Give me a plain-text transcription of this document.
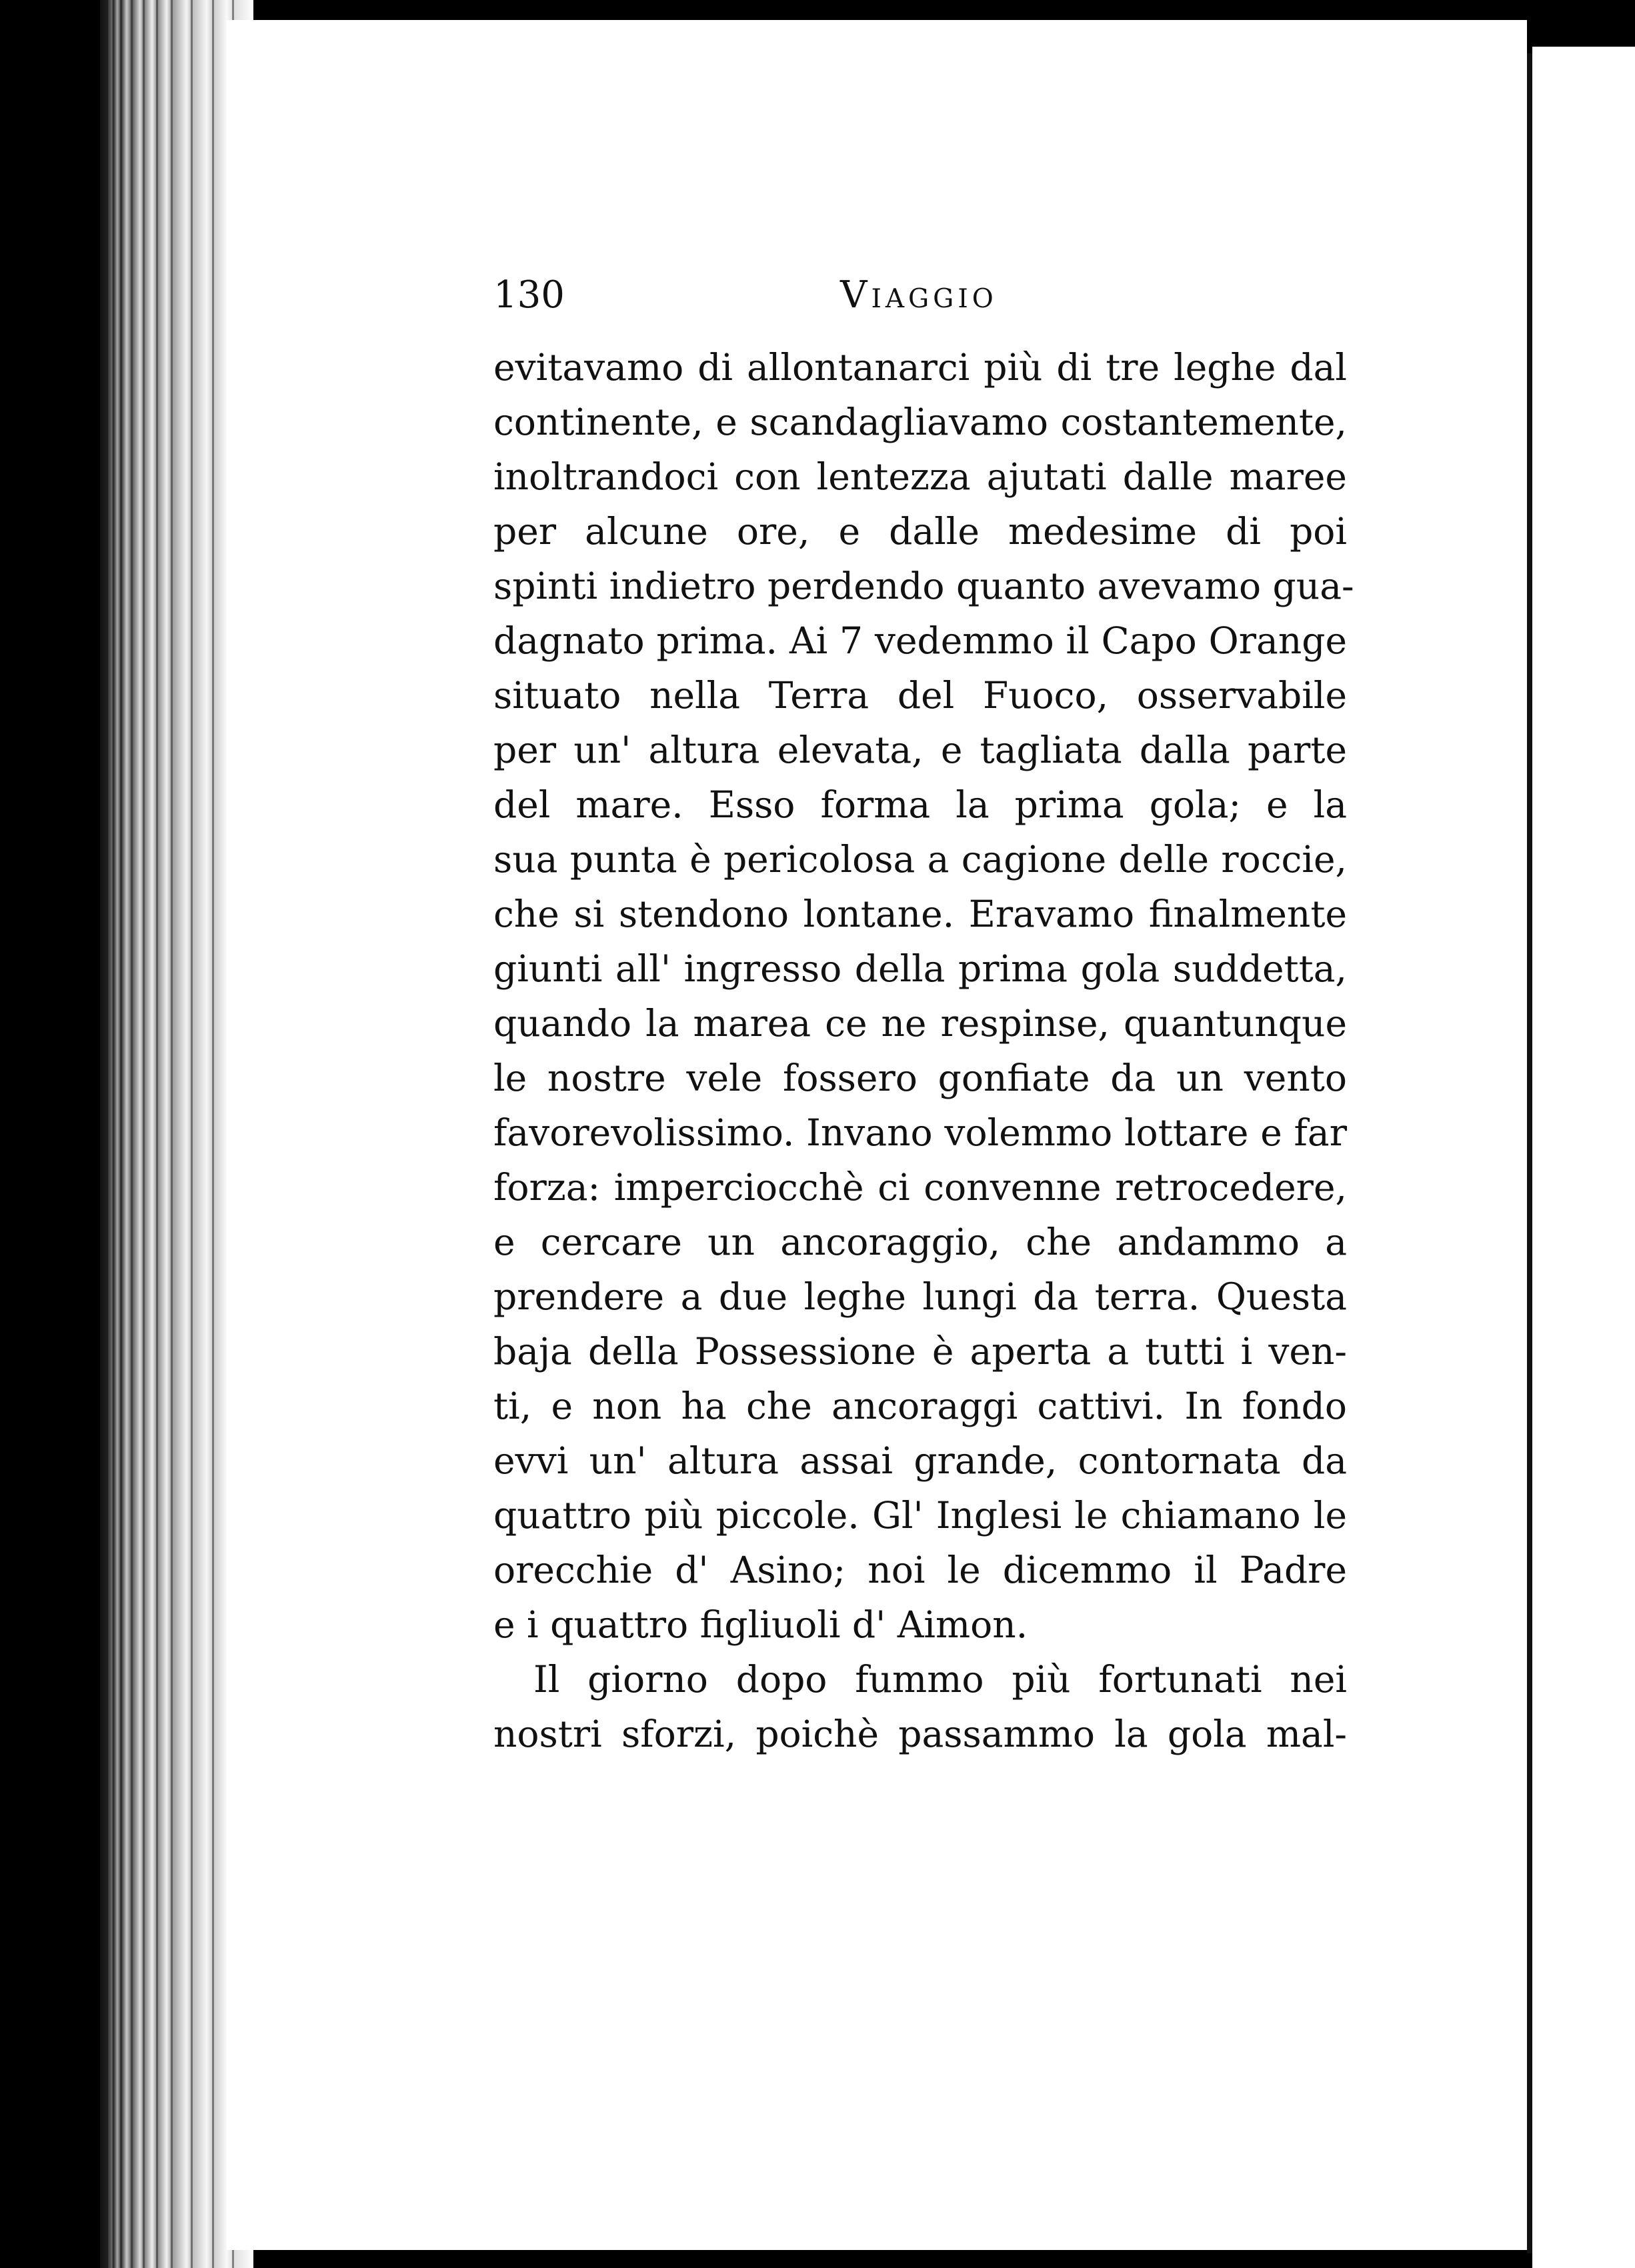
130	Viaggio
evitavamo di allontanarci più di tre leghe dal
continente, e scandagliavamo costantemente,
inoltrandoci con lentezza ajutati dalle maree
per alcune ore, e dalle medesime di poi
spinti indietro perdendo quanto avevamo gua-
dagnato prima. Ai 7 vedemmo il Capo Orange
situato nella Terra del Fuoco, osservabile
per un' altura elevata, e tagliata dalla parte
del mare. Esso forma la prima gola; e la
sua punta è pericolosa a cagione delle roccie,
che si stendono lontane. Eravamo finalmente
giunti all' ingresso della prima gola suddetta,
quando la marea ce ne respinse, quantunque
le nostre vele fossero gonfiate da un vento
favorevolissimo. Invano volemmo lottare e far
forza: imperciocchè ci convenne retrocedere,
e cercare un ancoraggio, che andammo a
prendere a due leghe lungi da terra. Questa
baja della Possessione è aperta a tutti i ven-
ti, e non ha che ancoraggi cattivi. In fondo
evvi un' altura assai grande, contornata da
quattro più piccole. Gl' Inglesi le chiamano le
orecchie d' Asino; noi le dicemmo il Padre
e i quattro figliuoli d' Aimon.
Il giorno dopo fummo più fortunati nei
nostri sforzi, poichè passammo la gola mal-
